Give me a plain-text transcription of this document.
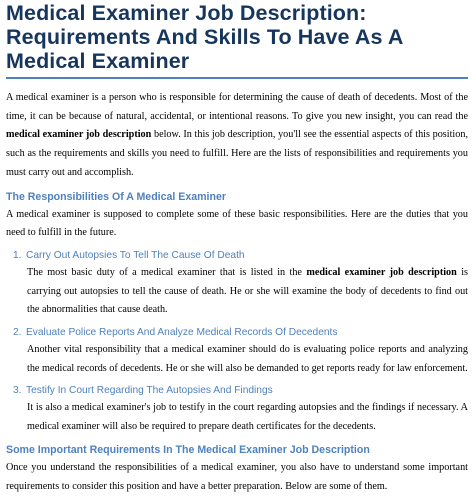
Medical Examiner Job Description: Requirements And Skills To Have As A Medical Examiner

A medical examiner is a person who is responsible for determining the cause of death of decedents. Most of the time, it can be because of natural, accidental, or intentional reasons. To give you new insight, you can read the medical examiner job description below. In this job description, you'll see the essential aspects of this position, such as the requirements and skills you need to fulfill. Here are the lists of responsibilities and requirements you must carry out and accomplish.

The Responsibilities Of A Medical Examiner

A medical examiner is supposed to complete some of these basic responsibilities. Here are the duties that you need to fulfill in the future.

1. Carry Out Autopsies To Tell The Cause Of Death

The most basic duty of a medical examiner that is listed in the medical examiner job description is carrying out autopsies to tell the cause of death. He or she will examine the body of decedents to find out the abnormalities that cause death.

2. Evaluate Police Reports And Analyze Medical Records Of Decedents

Another vital responsibility that a medical examiner should do is evaluating police reports and analyzing the medical records of decedents. He or she will also be demanded to get reports ready for law enforcement.

3. Testify In Court Regarding The Autopsies And Findings

It is also a medical examiner's job to testify in the court regarding autopsies and the findings if necessary. A medical examiner will also be required to prepare death certificates for the decedents.

Some Important Requirements In The Medical Examiner Job Description

Once you understand the responsibilities of a medical examiner, you also have to understand some important requirements to consider this position and have a better preparation. Below are some of them.
